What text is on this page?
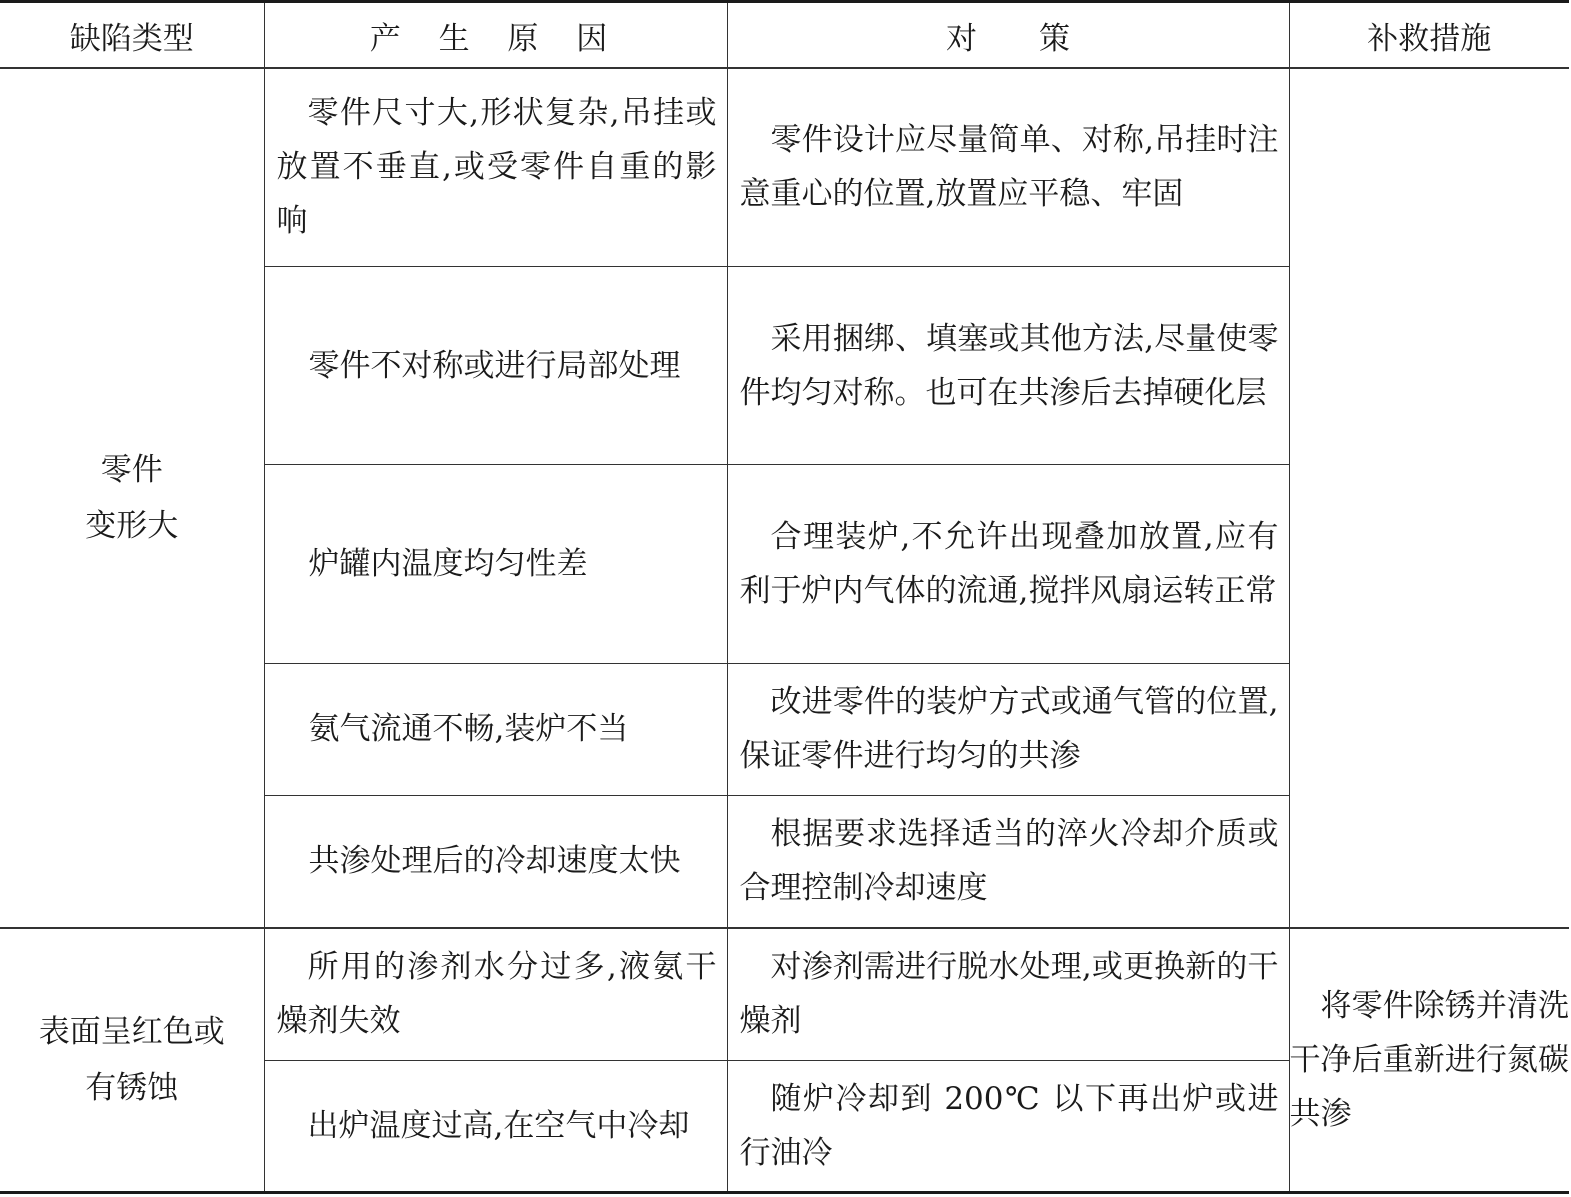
缺陷类型	产 生 原 因	对　　策	补救措施

零件
变形大	零件尺寸大,形状复杂,吊挂或放置不垂直,或受零件自重的影响	零件设计应尽量简单、对称,吊挂时注意重心的位置,放置应平稳、牢固	

	零件不对称或进行局部处理	采用捆绑、填塞或其他方法,尽量使零件均匀对称。也可在共渗后去掉硬化层	

	炉罐内温度均匀性差	合理装炉,不允许出现叠加放置,应有利于炉内气体的流通,搅拌风扇运转正常	

	氨气流通不畅,装炉不当	改进零件的装炉方式或通气管的位置,保证零件进行均匀的共渗	

	共渗处理后的冷却速度太快	根据要求选择适当的淬火冷却介质或合理控制冷却速度	

表面呈红色或
有锈蚀	所用的渗剂水分过多,液氨干燥剂失效	对渗剂需进行脱水处理,或更换新的干燥剂	将零件除锈并清洗干净后重新进行氮碳共渗

	出炉温度过高,在空气中冷却	随炉冷却到 200℃ 以下再出炉或进行油冷	
